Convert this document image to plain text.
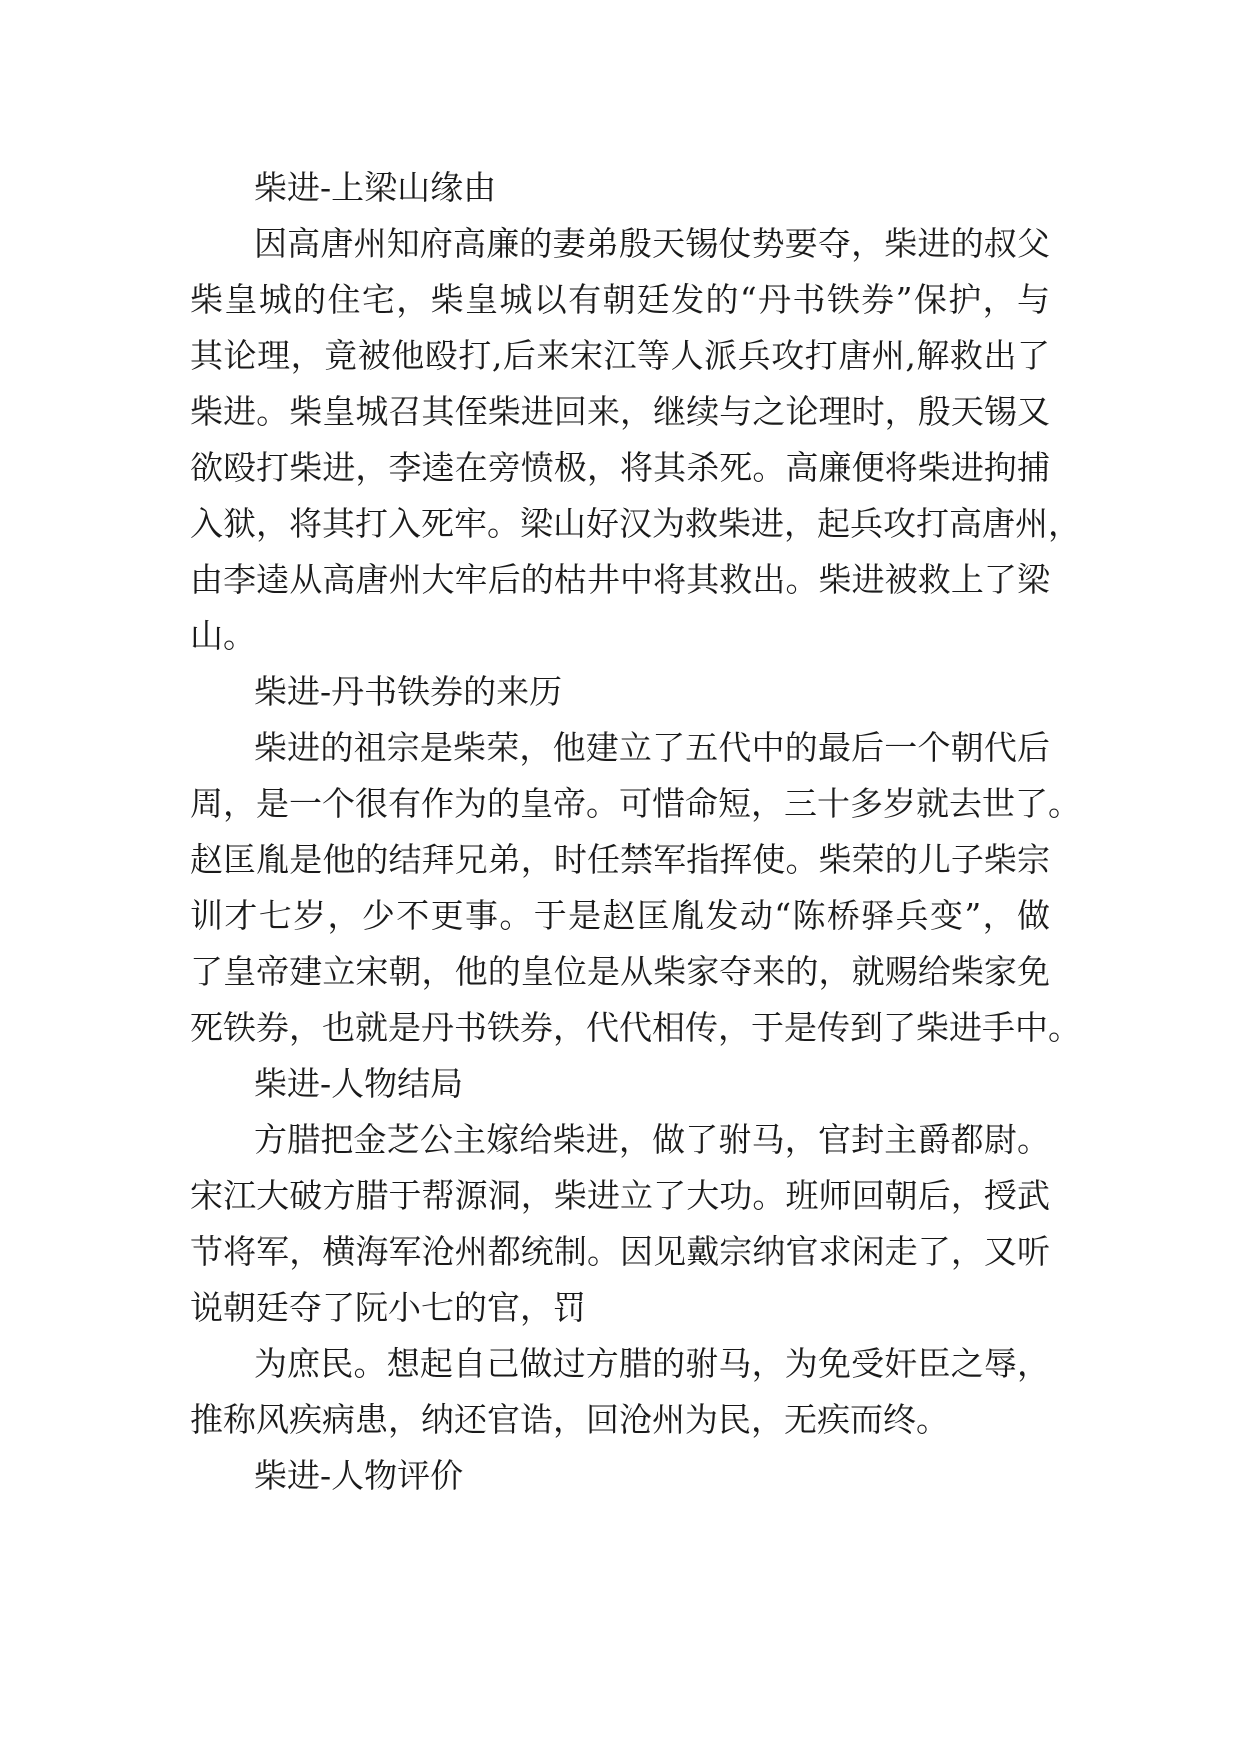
柴进-上梁山缘由
因高唐州知府高廉的妻弟殷天锡仗势要夺，柴进的叔父
柴皇城的住宅，柴皇城以有朝廷发的“丹书铁券”保护，与
其论理，竟被他殴打,后来宋江等人派兵攻打唐州,解救出了
柴进。柴皇城召其侄柴进回来，继续与之论理时，殷天锡又
欲殴打柴进，李逵在旁愤极，将其杀死。高廉便将柴进拘捕
入狱，将其打入死牢。梁山好汉为救柴进，起兵攻打高唐州，
由李逵从高唐州大牢后的枯井中将其救出。柴进被救上了梁
山。
柴进-丹书铁券的来历
柴进的祖宗是柴荣，他建立了五代中的最后一个朝代后
周，是一个很有作为的皇帝。可惜命短，三十多岁就去世了。
赵匡胤是他的结拜兄弟，时任禁军指挥使。柴荣的儿子柴宗
训才七岁，少不更事。于是赵匡胤发动“陈桥驿兵变”，做
了皇帝建立宋朝，他的皇位是从柴家夺来的，就赐给柴家免
死铁券，也就是丹书铁券，代代相传，于是传到了柴进手中。
柴进-人物结局
方腊把金芝公主嫁给柴进，做了驸马，官封主爵都尉。
宋江大破方腊于帮源洞，柴进立了大功。班师回朝后，授武
节将军，横海军沧州都统制。因见戴宗纳官求闲走了，又听
说朝廷夺了阮小七的官，罚
为庶民。想起自己做过方腊的驸马，为免受奸臣之辱，
推称风疾病患，纳还官诰，回沧州为民，无疾而终。
柴进-人物评价
